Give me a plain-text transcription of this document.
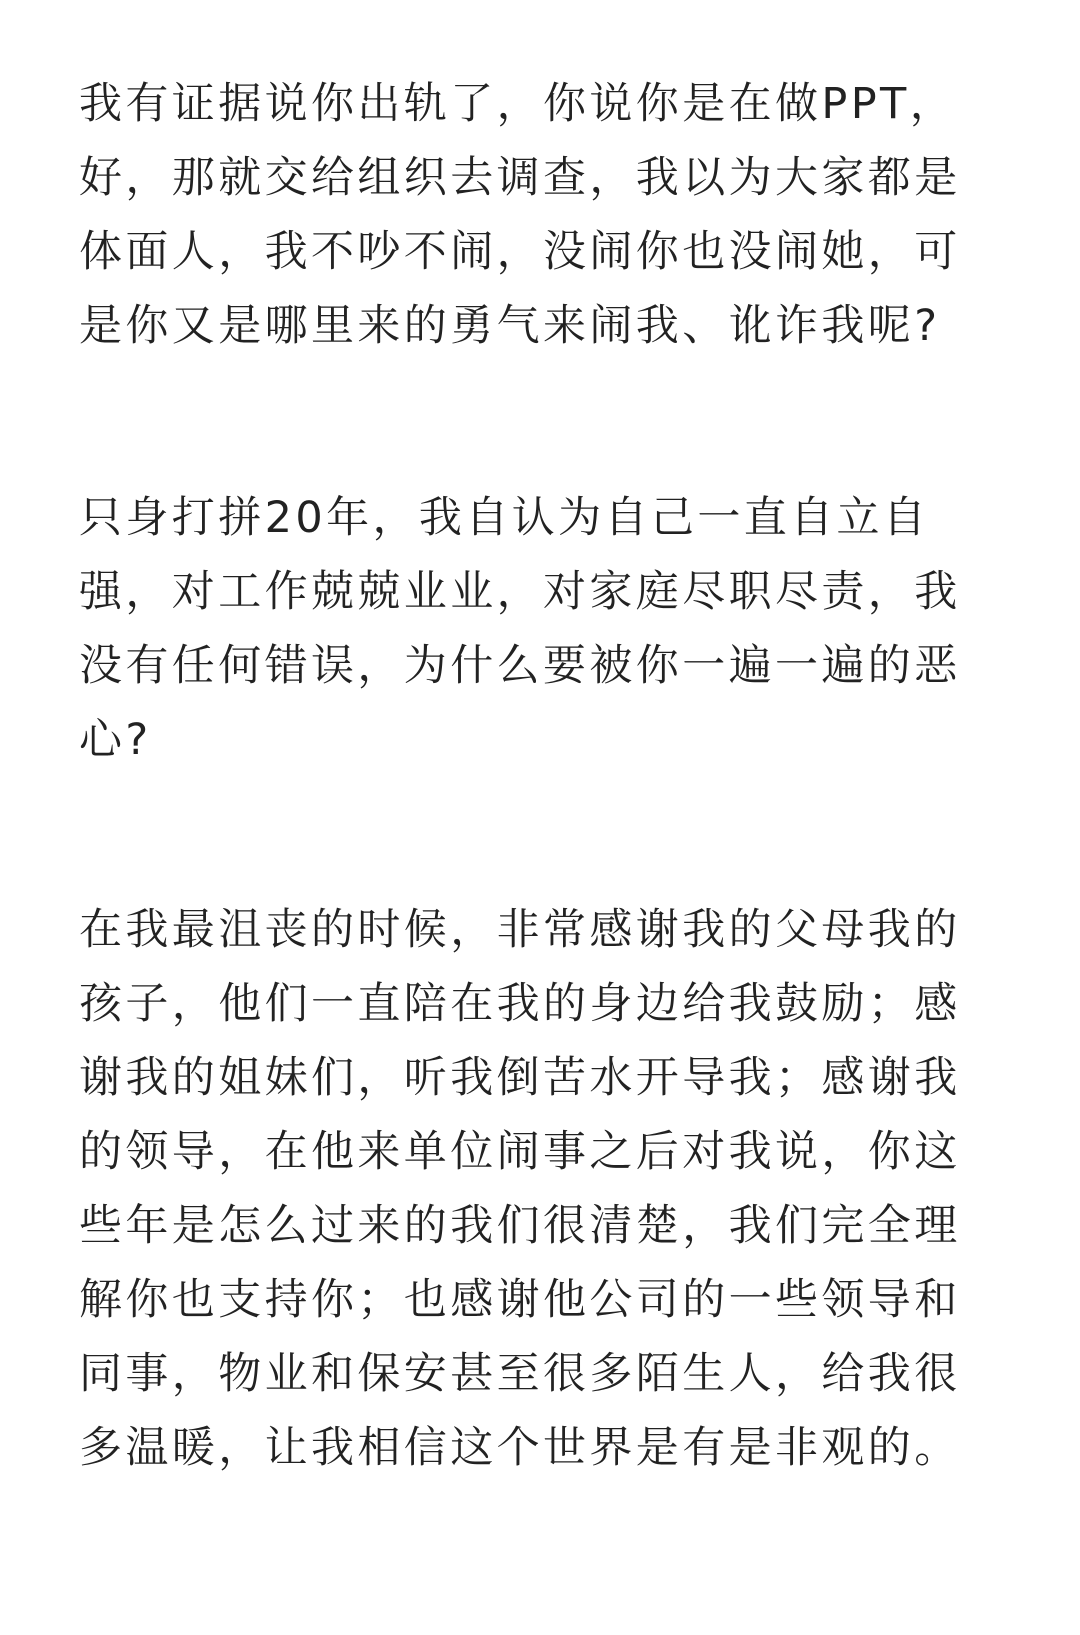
我有证据说你出轨了，你说你是在做PPT，
好，那就交给组织去调查，我以为大家都是
体面人，我不吵不闹，没闹你也没闹她，可
是你又是哪里来的勇气来闹我、讹诈我呢?
只身打拼20年，我自认为自己一直自立自
强，对工作兢兢业业，对家庭尽职尽责，我
没有任何错误，为什么要被你一遍一遍的恶
心?
在我最沮丧的时候，非常感谢我的父母我的
孩子，他们一直陪在我的身边给我鼓励；感
谢我的姐妹们，听我倒苦水开导我；感谢我
的领导，在他来单位闹事之后对我说，你这
些年是怎么过来的我们很清楚，我们完全理
解你也支持你；也感谢他公司的一些领导和
同事，物业和保安甚至很多陌生人，给我很
多温暖，让我相信这个世界是有是非观的。
